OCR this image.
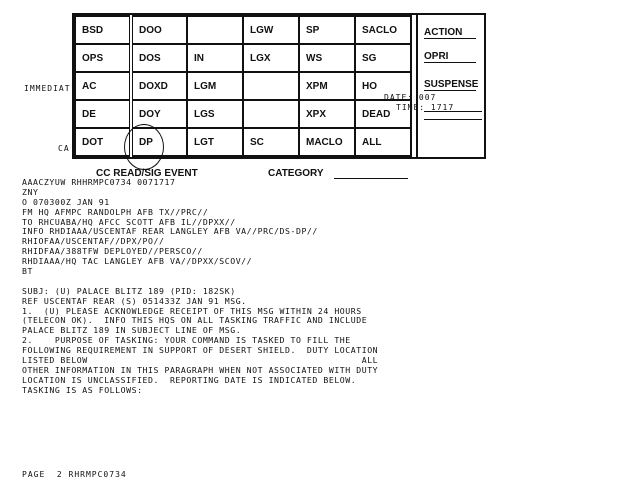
IMMEDIAT
CA
BSD	DOO		LGW	SP	SACLO
OPS	DOS	IN	LGX	WS	SG
AC	DOXD	LGM		XPM	HO
DE	DOY	LGS		XPX	DEAD
DOT	DP	LGT	SC	MACLO	ALL
ACTION
OPRI
SUSPENSE
DATE: 007
TIME: 1717
CC READ/SIG EVENT	CATEGORY
AAACZYUW RHHRMPC0734 0071717
ZNY
O 070300Z JAN 91
FM HQ AFMPC RANDOLPH AFB TX//PRC//
TO RHCUABA/HQ AFCC SCOTT AFB IL//DPXX//
INFO RHDIAAA/USCENTAF REAR LANGLEY AFB VA//PRC/DS-DP//
RHIOFAA/USCENTAF//DPX/PO//
RHIDFAA/388TFW DEPLOYED//PERSCO//
RHDIAAA/HQ TAC LANGLEY AFB VA//DPXX/SCOV//
BT
SUBJ: (U) PALACE BLITZ 189 (PID: 182SK)
REF USCENTAF REAR (S) 051433Z JAN 91 MSG.
1.  (U) PLEASE ACKNOWLEDGE RECEIPT OF THIS MSG WITHIN 24 HOURS
(TELECON OK).  INFO THIS HQS ON ALL TASKING TRAFFIC AND INCLUDE
PALACE BLITZ 189 IN SUBJECT LINE OF MSG.
2.    PURPOSE OF TASKING: YOUR COMMAND IS TASKED TO FILL THE
FOLLOWING REQUIREMENT IN SUPPORT OF DESERT SHIELD.  DUTY LOCATION
LISTED BELOW                                                  ALL
OTHER INFORMATION IN THIS PARAGRAPH WHEN NOT ASSOCIATED WITH DUTY
LOCATION IS UNCLASSIFIED.  REPORTING DATE IS INDICATED BELOW.
TASKING IS AS FOLLOWS:
PAGE  2 RHRMPC0734
